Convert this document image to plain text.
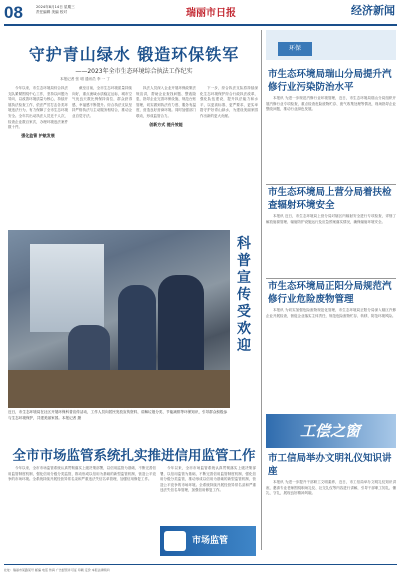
08	2024年8月14日 星期三
责任编辑 美编 校对	瑞丽市日报	经济新闻
守护青山绿水 锻造环保铁军
——2023年全市生态环境综合执法工作纪实
本报记者 张 明 通讯员 李 一 丁

今年以来，市生态环境局综合执法支队紧紧围绕中心工作，坚持以问题为导向，以改善环境质量为核心，持续开展执法检查工作，依法严厉打击各类环境违法行为，有力保障了全市生态环境安全。全年共出动执法人员近千人次，检查企业数百家次，办理环境违法案件数十件。

强化监管 护航发展

截至目前，全市生态环境质量持续向好，重点流域水质稳定达标，城市空气优良天数比例保持高位，群众获得感、幸福感不断提升。综合执法支队坚持严格执法与主动服务相结合，推动企业自觉守法。

执法人员深入企业开展环保政策法规宣讲，帮助企业查找问题、整改隐患，指导企业完善环保设施、规范台账管理，切实做到执法有力度、服务有温度，营造良好营商环境。同时加强部门联动，形成监管合力。

创新方式 提升效能

下一步，综合执法支队将持续深化生态环境保护综合行政执法改革，强化队伍建设，提升执法能力和水平，以更高标准、更严要求、更实举措守护好青山绿水，为建设美丽家园作出新的更大贡献。

科普宣传受欢迎
近日，市生态环境局在社区开展环保科普宣传活动，工作人员向居民发放宣传资料，讲解垃圾分类、节能减排等环保知识，引导群众积极参与生态环境保护，共建美丽家园。本报记者 摄
全市市场监管系统扎实推进信用监管工作

今年以来，全市市场监管系统认真贯彻落实上级决策部署，以信用监管为基础，不断完善信用监管制度机制，强化信用分级分类监管，推动形成以信用为基础的新型监管机制，营造公平竞争的市场环境。全系统持续开展经营异常名录和严重违法失信名单管理，加强信用修复工作。

今年以来，全市市场监管系统认真贯彻落实上级决策部署，以信用监管为基础，不断完善信用监管制度机制，强化信用分级分类监管，推动形成以信用为基础的新型监管机制，营造公平竞争的市场环境。全系统持续开展经营异常名录和严重违法失信名单管理，加强信用修复工作。

市场监管
环保
市生态环境局瑞山分局提升汽修行业污染防治水平

本报讯 为进一步规范汽修行业环境管理，近日，市生态环境局瑞山分局组织开展汽修行业专项检查，重点检查危险废物贮存、废气收集处理等情况，现场指导企业整改问题，推动行业绿色发展。

市生态环境局上营分局着扶检查辐射环境安全

本报讯 近日，市生态环境局上营分局对辖区内辐射安全进行专项检查，详细了解放射源管理、辐射防护设施运行及应急预案落实情况，确保辐射环境安全。

市生态环境局正阳分局规范汽修行业危险废物管理

本报讯 为切实加强危险废物规范化管理，市生态环境局正阳分局深入辖区汽修企业开展检查，督促企业落实主体责任，规范危险废物贮存、转移，防范环境风险。

工偿之窗
市工信局举办文明礼仪知识讲座

本报讯 为进一步提升干部职工文明素养，近日，市工信局举办文明礼仪知识讲座，邀请专业老师围绕职场礼仪、社交礼仪等内容进行讲解，引导干部职工知礼、懂礼、守礼，展现良好精神风貌。

社址：瑞丽市某路某号 邮编 电话 传真 广告经营许可证 印刷 定价 本报法律顾问
